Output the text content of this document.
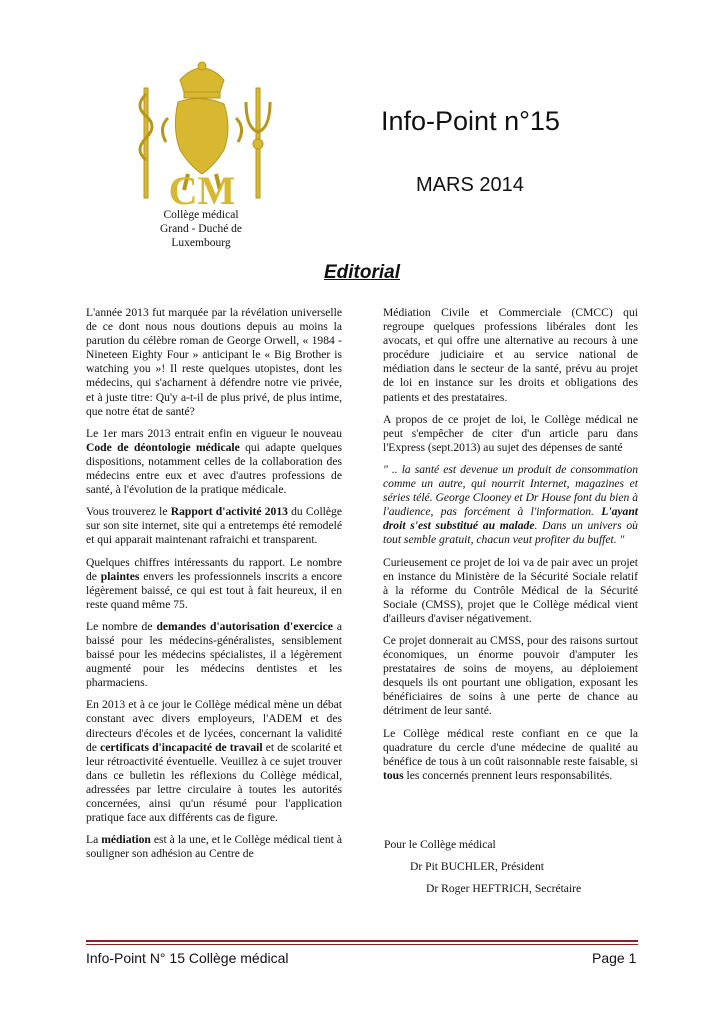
CM
Collège médical
Grand - Duché de
Luxembourg
Info-Point n°15
MARS 2014
Editorial

L'année 2013 fut marquée par la révélation universelle de ce dont nous nous doutions depuis au moins la parution du célèbre roman de George Orwell, « 1984 - Nineteen Eighty Four » anticipant le « Big Brother is watching you »! Il reste quelques utopistes, dont les médecins, qui s'acharnent à défendre notre vie privée, et à juste titre: Qu'y a-t-il de plus privé, de plus intime, que notre état de santé?

Le 1er mars 2013 entrait enfin en vigueur le nouveau Code de déontologie médicale qui adapte quelques dispositions, notamment celles de la collaboration des médecins entre eux et avec d'autres professions de santé, à l'évolution de la pratique médicale.

Vous trouverez le Rapport d'activité 2013 du Collège sur son site internet, site qui a entretemps été remodelé et qui apparait maintenant rafraichi et transparent.

Quelques chiffres intéressants du rapport. Le nombre de plaintes envers les professionnels inscrits a encore légèrement baissé, ce qui est tout à fait heureux, il en reste quand même 75.

Le nombre de demandes d'autorisation d'exercice a baissé pour les médecins-généralistes, sensiblement baissé pour les médecins spécialistes, il a légèrement augmenté pour les médecins dentistes et les pharmaciens.

En 2013 et à ce jour le Collège médical mène un débat constant avec divers employeurs, l'ADEM et des directeurs d'écoles et de lycées, concernant la validité de certificats d'incapacité de travail et de scolarité et leur rétroactivité éventuelle. Veuillez à ce sujet trouver dans ce bulletin les réflexions du Collège médical, adressées par lettre circulaire à toutes les autorités concernées, ainsi qu'un résumé pour l'application pratique face aux différents cas de figure.

La médiation est à la une, et le Collège médical tient à souligner son adhésion au Centre de

Médiation Civile et Commerciale (CMCC) qui regroupe quelques professions libérales dont les avocats, et qui offre une alternative au recours à une procédure judiciaire et au service national de médiation dans le secteur de la santé, prévu au projet de loi en instance sur les droits et obligations des patients et des prestataires.

A propos de ce projet de loi, le Collège médical ne peut s'empêcher de citer d'un article paru dans l'Express (sept.2013) au sujet des dépenses de santé

" .. la santé est devenue un produit de consommation comme un autre, qui nourrit Internet, magazines et séries télé. George Clooney et Dr House font du bien à l'audience, pas forcément à l'information. L'ayant droit s'est substitué au malade. Dans un univers où tout semble gratuit, chacun veut profiter du buffet. "

Curieusement ce projet de loi va de pair avec un projet en instance du Ministère de la Sécurité Sociale relatif à la réforme du Contrôle Médical de la Sécurité Sociale (CMSS), projet que le Collège médical vient d'ailleurs d'aviser négativement.

Ce projet donnerait au CMSS, pour des raisons surtout économiques, un énorme pouvoir d'amputer les prestataires de soins de moyens, au déploiement desquels ils ont pourtant une obligation, exposant les bénéficiaires de soins à une perte de chance au détriment de leur santé.

Le Collège médical reste confiant en ce que la quadrature du cercle d'une médecine de qualité au bénéfice de tous à un coût raisonnable reste faisable, si tous les concernés prennent leurs responsabilités.

Pour le Collège médical
Dr Pit BUCHLER, Président
Dr Roger HEFTRICH, Secrétaire
Info-Point N° 15 Collège médical	Page 1
